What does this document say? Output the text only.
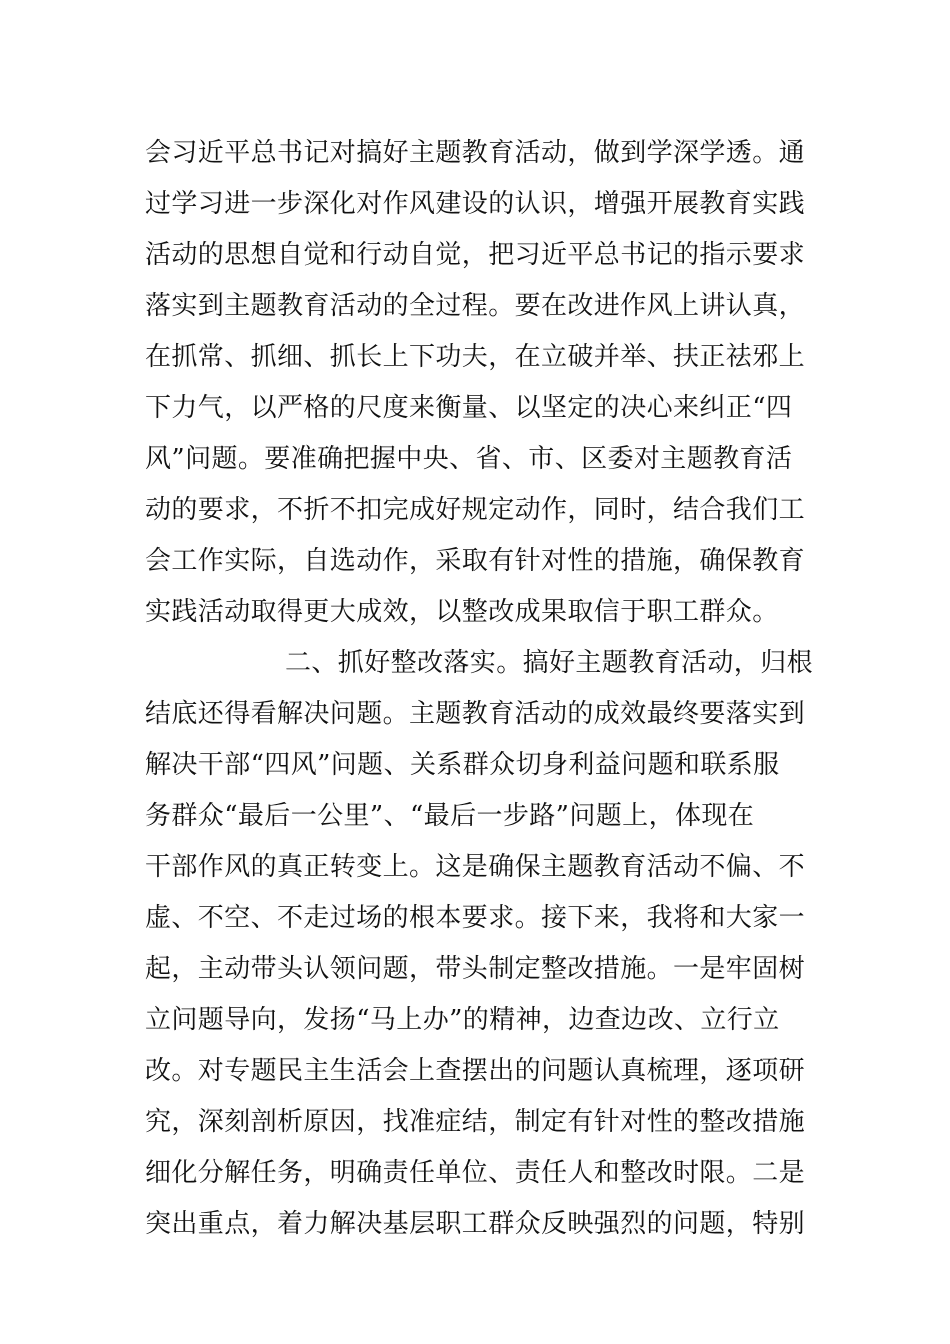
会习近平总书记对搞好主题教育活动，做到学深学透。通
过学习进一步深化对作风建设的认识，增强开展教育实践
活动的思想自觉和行动自觉，把习近平总书记的指示要求
落实到主题教育活动的全过程。要在改进作风上讲认真，
在抓常、抓细、抓长上下功夫，在立破并举、扶正祛邪上
下力气，以严格的尺度来衡量、以坚定的决心来纠正“四
风”问题。要准确把握中央、省、市、区委对主题教育活
动的要求，不折不扣完成好规定动作，同时，结合我们工
会工作实际，自选动作，采取有针对性的措施，确保教育
实践活动取得更大成效，以整改成果取信于职工群众。
二、抓好整改落实。搞好主题教育活动，归根
结底还得看解决问题。主题教育活动的成效最终要落实到
解决干部“四风”问题、关系群众切身利益问题和联系服
务群众“最后一公里”、“最后一步路”问题上，体现在
干部作风的真正转变上。这是确保主题教育活动不偏、不
虚、不空、不走过场的根本要求。接下来，我将和大家一
起，主动带头认领问题，带头制定整改措施。一是牢固树
立问题导向，发扬“马上办”的精神，边查边改、立行立
改。对专题民主生活会上查摆出的问题认真梳理，逐项研
究，深刻剖析原因，找准症结，制定有针对性的整改措施
细化分解任务，明确责任单位、责任人和整改时限。二是
突出重点，着力解决基层职工群众反映强烈的问题，特别
